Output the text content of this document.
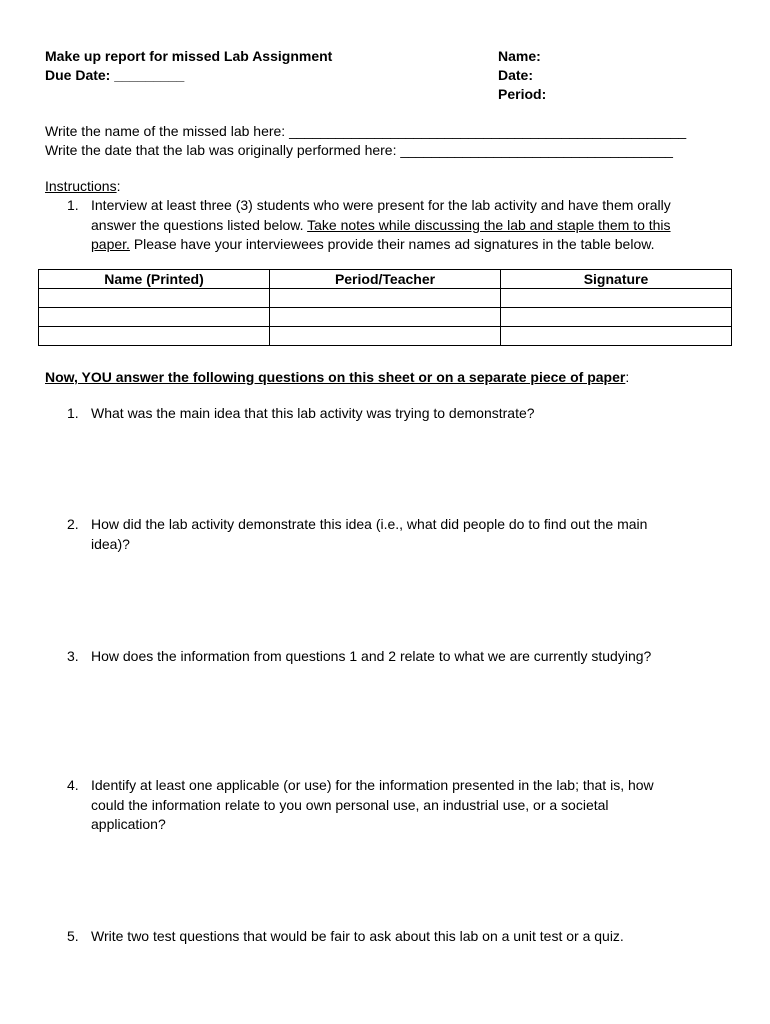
Make up report for missed Lab Assignment
Due Date: _________
Name:
Date:
Period:
Write the name of the missed lab here: ___________________________________________________
Write the date that the lab was originally performed here: ___________________________________
Instructions:
1. Interview at least three (3) students who were present for the lab activity and have them orally
answer the questions listed below. Take notes while discussing the lab and staple them to this
paper. Please have your interviewees provide their names ad signatures in the table below.
Name (Printed)	Period/Teacher	Signature

Now, YOU answer the following questions on this sheet or on a separate piece of paper:
1. What was the main idea that this lab activity was trying to demonstrate?
2. How did the lab activity demonstrate this idea (i.e., what did people do to find out the main
idea)?
3. How does the information from questions 1 and 2 relate to what we are currently studying?
4. Identify at least one applicable (or use) for the information presented in the lab; that is, how
could the information relate to you own personal use, an industrial use, or a societal
application?
5. Write two test questions that would be fair to ask about this lab on a unit test or a quiz.
